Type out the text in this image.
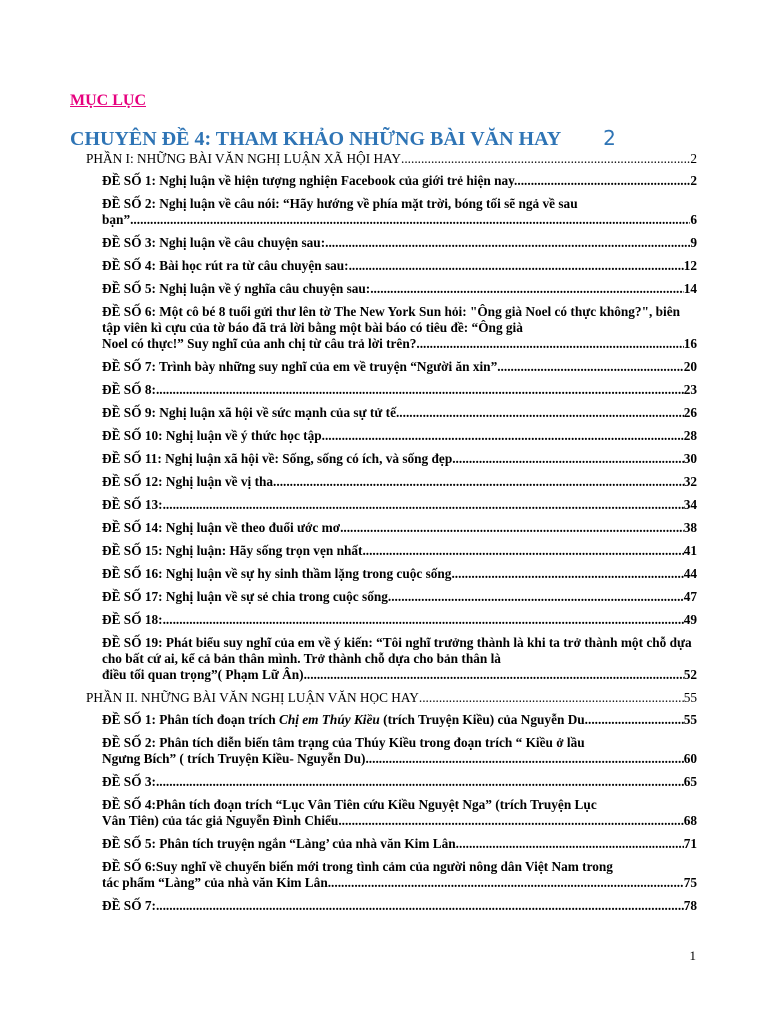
MỤC LỤC
CHUYÊN ĐỀ 4: THAM KHẢO NHỮNG BÀI VĂN HAY 2
PHẦN I: NHỮNG BÀI VĂN NGHỊ LUẬN XÃ HỘI HAY .....	2
ĐỀ SỐ 1: Nghị luận về hiện tượng nghiện Facebook của giới trẻ hiện nay. .....	2
ĐỀ SỐ 2: Nghị luận về câu nói: “Hãy hướng về phía mặt trời, bóng tối sẽ ngả về sau
bạn” .....	6
ĐỀ SỐ 3: Nghị luận về câu chuyện sau: .....	9
ĐỀ SỐ 4: Bài học rút ra từ câu chuyện sau: .....	12
ĐỀ SỐ 5: Nghị luận về ý nghĩa câu chuyện sau: .....	14
ĐỀ SỐ 6: Một cô bé 8 tuổi gửi thư lên tờ The New York Sun hỏi: "Ông già Noel có thực không?", biên tập viên kì cựu của tờ báo đã trả lời bằng một bài báo có tiêu đề: “Ông già
Noel có thực!” Suy nghĩ của anh chị từ câu trả lời trên? .....	16
ĐỀ SỐ 7: Trình bày những suy nghĩ của em về truyện “Người ăn xin” .....	20
ĐỀ SỐ 8: .....	23
ĐỀ SỐ 9: Nghị luận xã hội về sức mạnh của sự tử tế .....	26
ĐỀ SỐ 10: Nghị luận về ý thức học tập .....	28
ĐỀ SỐ 11: Nghị luận xã hội về: Sống, sống có ích, và sống đẹp .....	30
ĐỀ SỐ 12: Nghị luận về vị tha .....	32
ĐỀ SỐ 13: .....	34
ĐỀ SỐ 14: Nghị luận về theo đuổi ước mơ .....	38
ĐỀ SỐ 15: Nghị luận: Hãy sống trọn vẹn nhất .....	41
ĐỀ SỐ 16: Nghị luận về sự hy sinh thầm lặng trong cuộc sống .....	44
ĐỀ SỐ 17: Nghị luận về sự sẻ chia trong cuộc sống .....	47
ĐỀ SỐ 18: .....	49
ĐỀ SỐ 19: Phát biểu suy nghĩ của em về ý kiến: “Tôi nghĩ trưởng thành là khi ta trở thành một chỗ dựa cho bất cứ ai, kể cả bản thân mình. Trở thành chỗ dựa cho bản thân là
điều tối quan trọng”( Phạm Lữ Ân) .....	52
PHẦN II. NHỮNG BÀI VĂN NGHỊ LUẬN VĂN HỌC HAY .....	55
ĐỀ SỐ 1: Phân tích đoạn trích Chị em Thúy Kiều (trích Truyện Kiều) của Nguyễn Du. .....	55
ĐỀ SỐ 2: Phân tích diễn biến tâm trạng của Thúy Kiều trong đoạn trích “ Kiều ở lầu
Ngưng Bích” ( trích Truyện Kiều- Nguyễn Du) .....	60
ĐỀ SỐ 3: .....	65
ĐỀ SỐ 4:Phân tích đoạn trích “Lục Vân Tiên cứu Kiều Nguyệt Nga” (trích Truyện Lục
Vân Tiên) của tác giả Nguyễn Đình Chiểu .....	68
ĐỀ SỐ 5: Phân tích truyện ngắn “Làng’ của nhà văn Kim Lân .....	71
ĐỀ SỐ 6:Suy nghĩ về chuyển biến mới trong tình cảm của người nông dân Việt Nam trong
tác phẩm “Làng” của nhà văn Kim Lân .....	75
ĐỀ SỐ 7: .....	78
1
